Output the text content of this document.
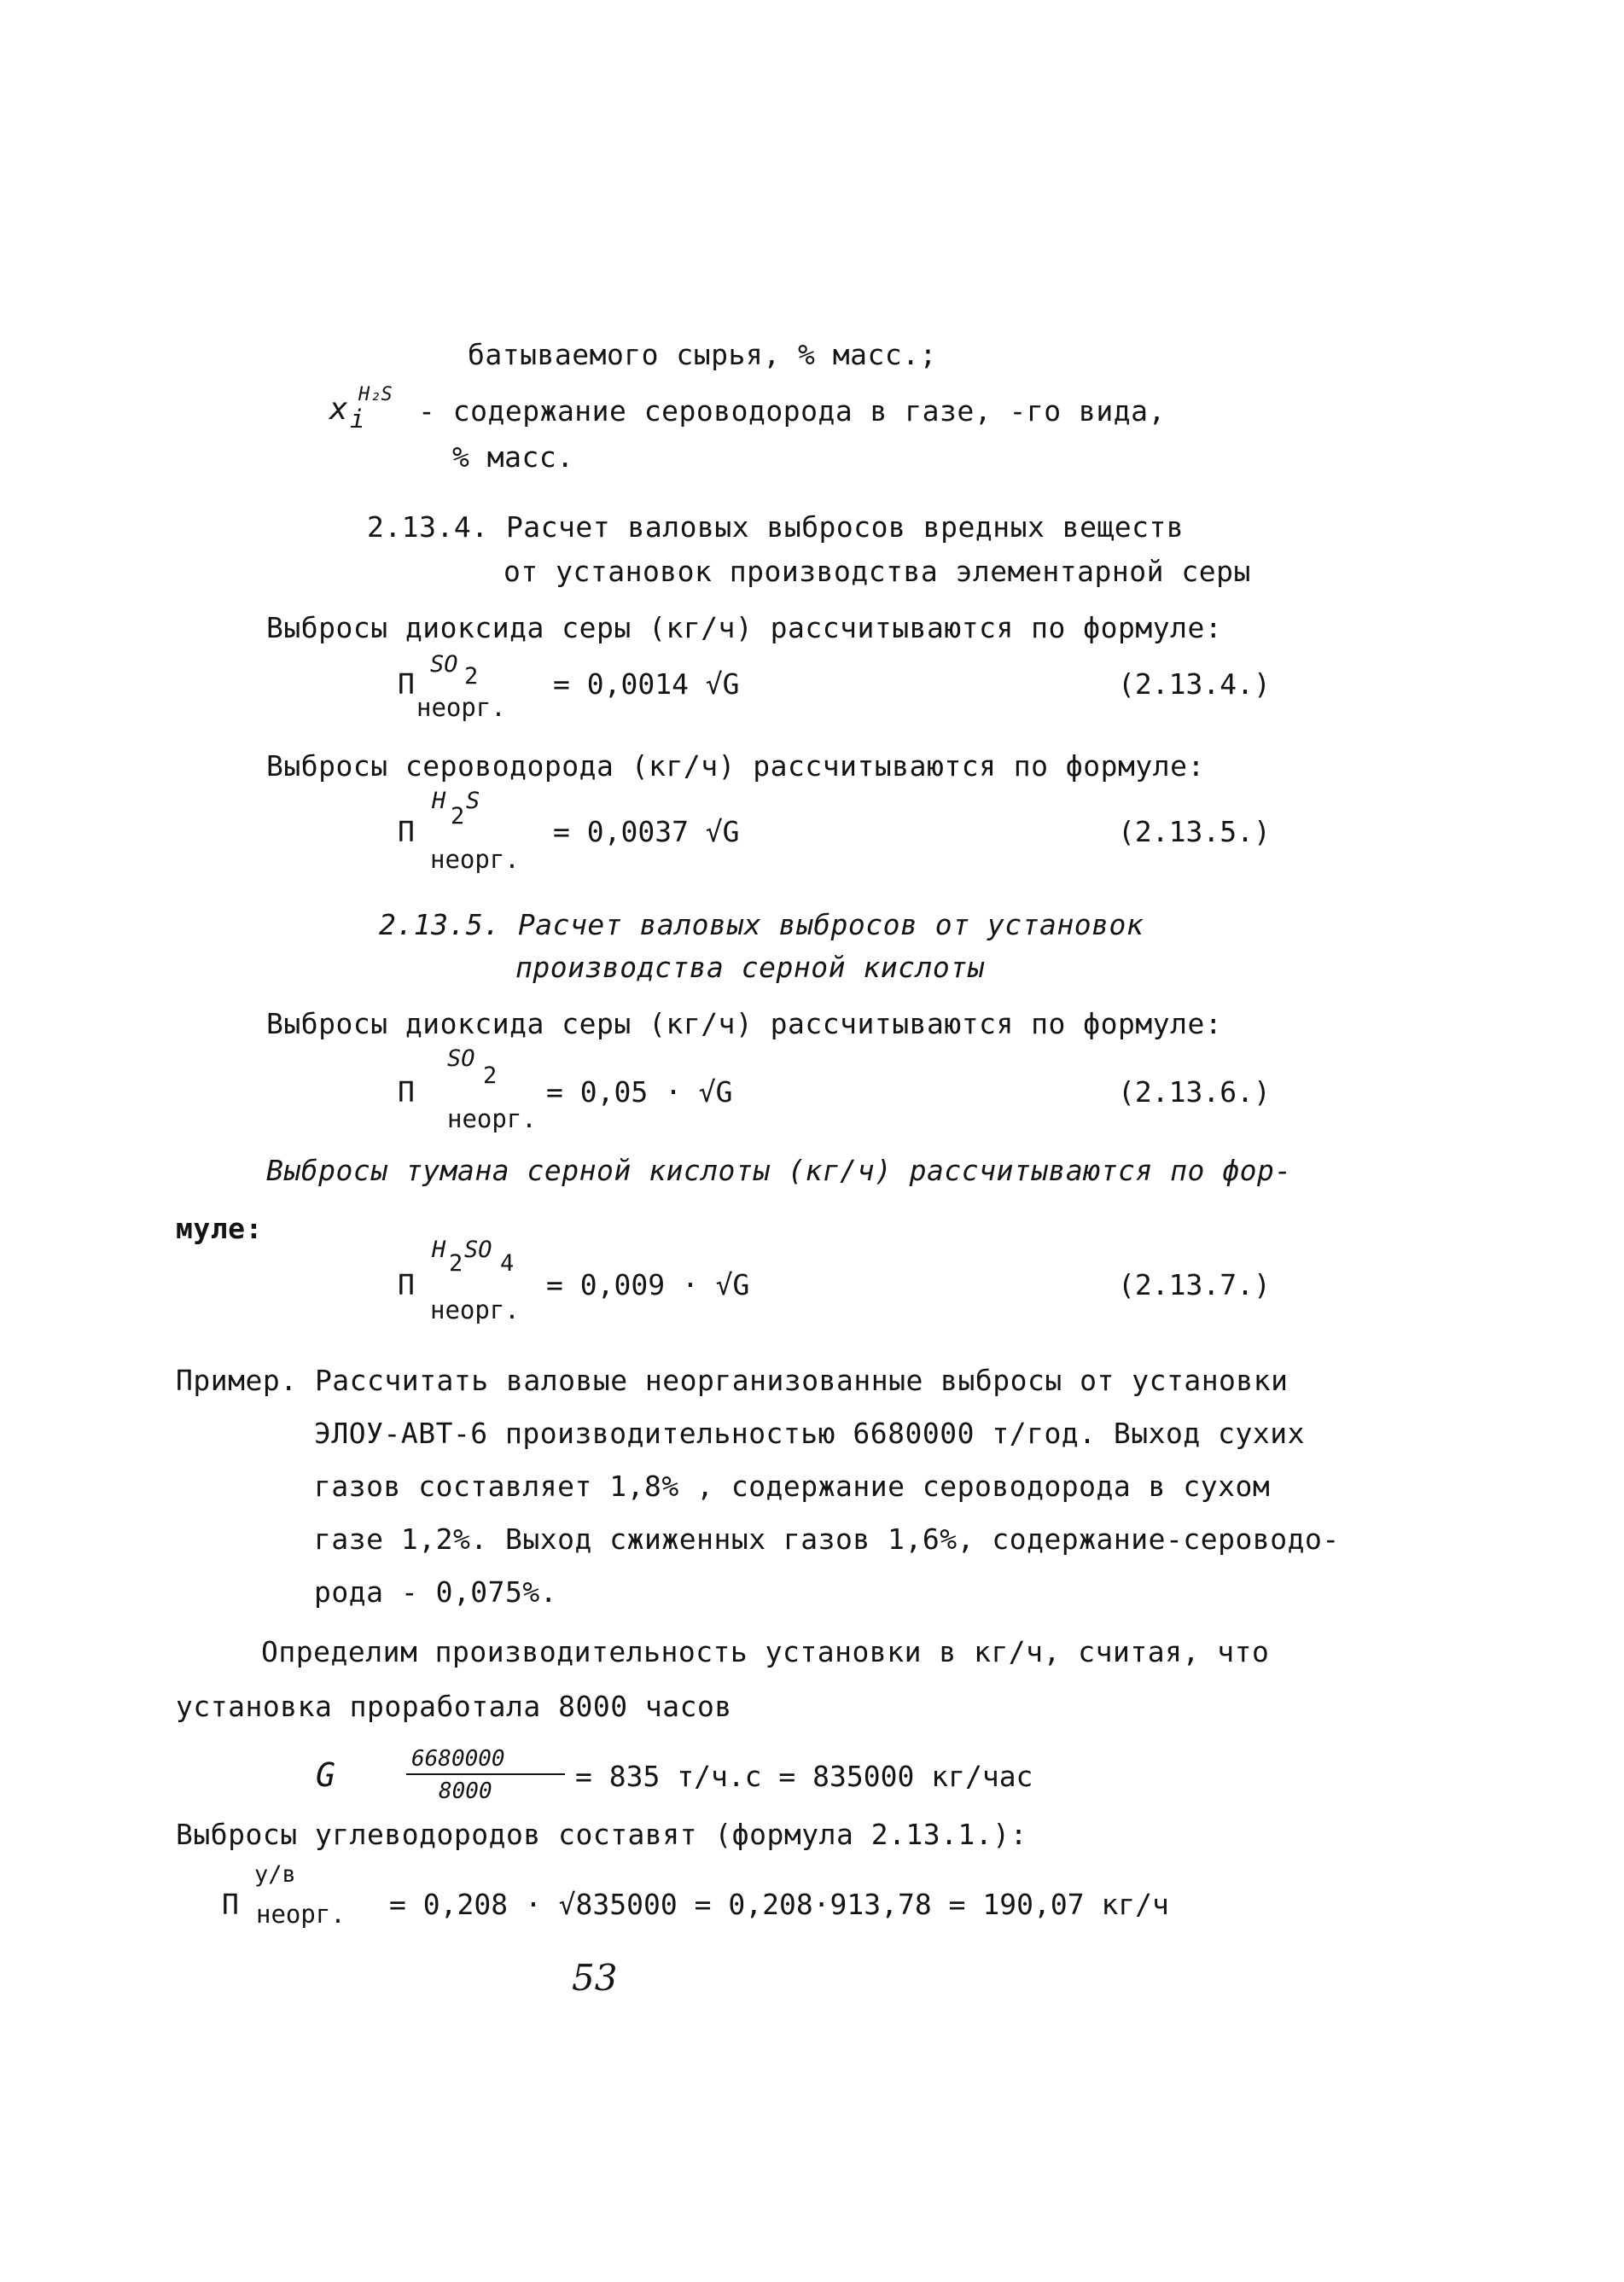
батываемого сырья, % масс.;
x i
H₂S - содержание сероводорода в газе, -го вида,
% масс.
2.13.4. Расчет валовых выбросов вредных веществ
от установок производства элементарной серы
Выбросы диоксида серы (кг/ч) рассчитываются по формуле:
П
SO 2
неорг.
= 0,0014 √G	(2.13.4.)
Выбросы сероводорода (кг/ч) рассчитываются по формуле:
П
H
2
S
неорг.
= 0,0037 √G	(2.13.5.)
2.13.5. Расчет валовых выбросов от установок
производства серной кислоты
Выбросы диоксида серы (кг/ч) рассчитываются по формуле:
П
SO
2
неорг.
= 0,05 · √G	(2.13.6.)
Выбросы тумана серной кислоты (кг/ч) рассчитываются по фор-
муле:
П
H
2
SO
4
неорг.
= 0,009 · √G	(2.13.7.)
Пример. Рассчитать валовые неорганизованные выбросы от установки
ЭЛОУ-АВТ-6 производительностью 6680000 т/год. Выход сухих
газов составляет 1,8% , содержание сероводорода в сухом
газе 1,2%. Выход сжиженных газов 1,6%, содержание-сероводо-
рода - 0,075%.
Определим производительность установки в кг/ч, считая, что
установка проработала 8000 часов
G	6680000
8000	= 835 т/ч.с = 835000 кг/час
Выбросы углеводородов составят (формула 2.13.1.):
П
у/в
неорг. = 0,208 · √835000 = 0,208·913,78 = 190,07 кг/ч
53
